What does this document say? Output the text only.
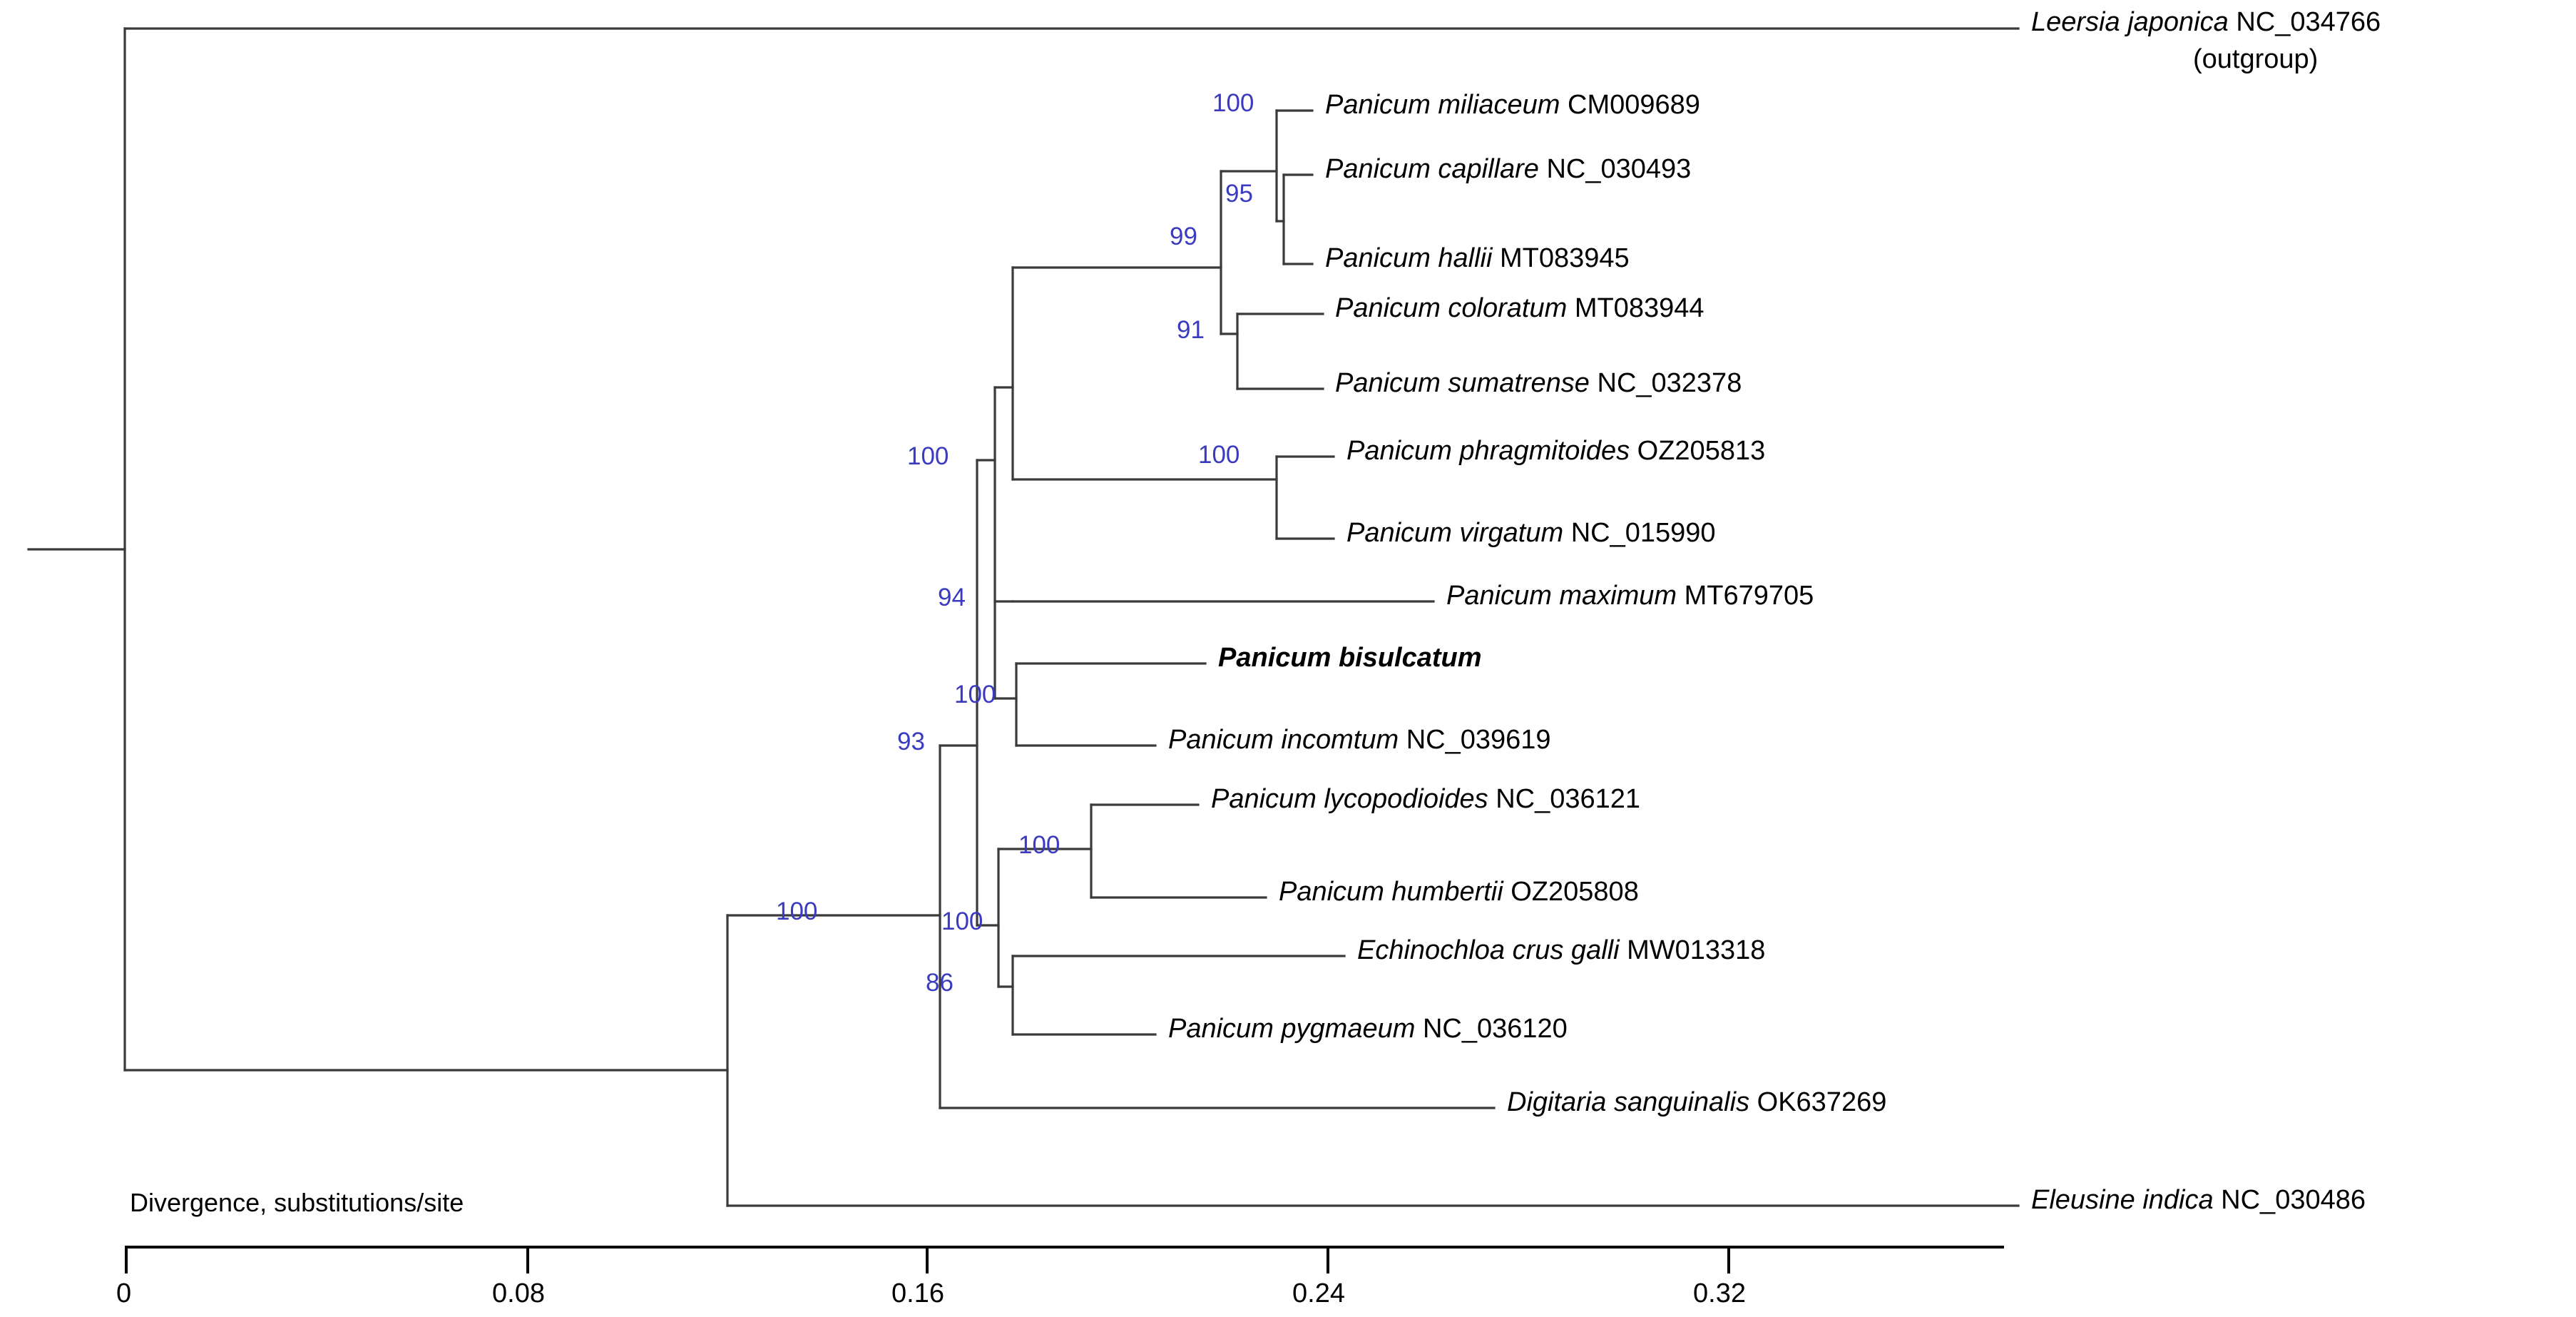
Leersia japonica NC_034766
(outgroup)
Panicum miliaceum CM009689
Panicum capillare NC_030493
Panicum hallii MT083945
Panicum coloratum MT083944
Panicum sumatrense NC_032378
Panicum phragmitoides OZ205813
Panicum virgatum NC_015990
Panicum maximum MT679705
Panicum bisulcatum
Panicum incomtum NC_039619
Panicum lycopodioides NC_036121
Panicum humbertii OZ205808
Echinochloa crus galli MW013318
Panicum pygmaeum NC_036120
Digitaria sanguinalis OK637269
Eleusine indica NC_030486
100
95
99
91
100
100
94
100
93
100
100
86
100
Divergence, substitutions/site
0	0.08	0.16	0.24	0.32
